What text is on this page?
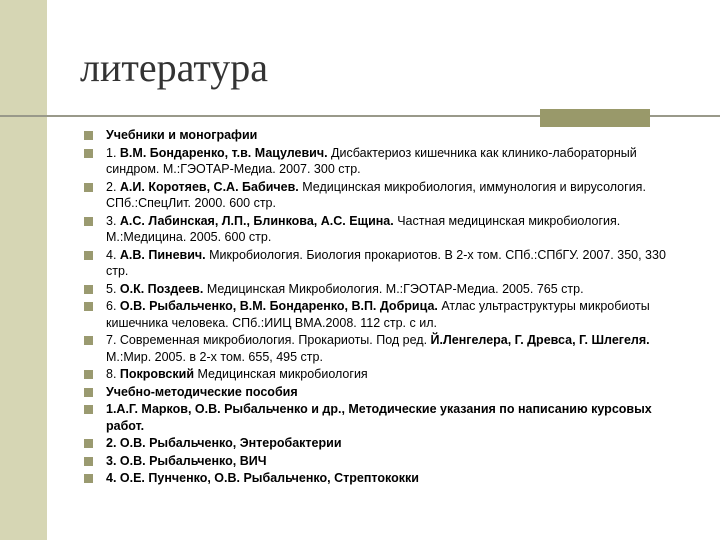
литература
Учебники и монографии
1. В.М. Бондаренко, т.в. Мацулевич. Дисбактериоз кишечника как клинико-лабораторный синдром. М.:ГЭОТАР-Медиа. 2007. 300 стр.
2. А.И. Коротяев, С.А. Бабичев. Медицинская микробиология, иммунология и вирусология. СПб.:СпецЛит. 2000. 600 стр.
3. А.С. Лабинская, Л.П., Блинкова, А.С. Ещина. Частная медицинская микробиология. М.:Медицина. 2005. 600 стр.
4. А.В. Пиневич. Микробиология. Биология прокариотов. В 2-х том. СПб.:СПбГУ. 2007. 350, 330 стр.
5. О.К. Поздеев. Медицинская Микробиология. М.:ГЭОТАР-Медиа. 2005. 765 стр.
6. О.В. Рыбальченко, В.М. Бондаренко, В.П. Добрица. Атлас ультраструктуры микробиоты кишечника человека. СПб.:ИИЦ ВМА.2008. 112 стр. с ил.
7. Современная микробиология. Прокариоты. Под ред. Й.Ленгелера, Г. Древса, Г. Шлегеля. М.:Мир. 2005. в 2-х том. 655, 495 стр.
8. Покровский Медицинская микробиология
Учебно-методические пособия
1.А.Г. Марков, О.В. Рыбальченко и др., Методические указания по написанию курсовых работ.
2. О.В. Рыбальченко, Энтеробактерии
3. О.В. Рыбальченко, ВИЧ
4. О.Е. Пунченко, О.В. Рыбальченко, Стрептококки
